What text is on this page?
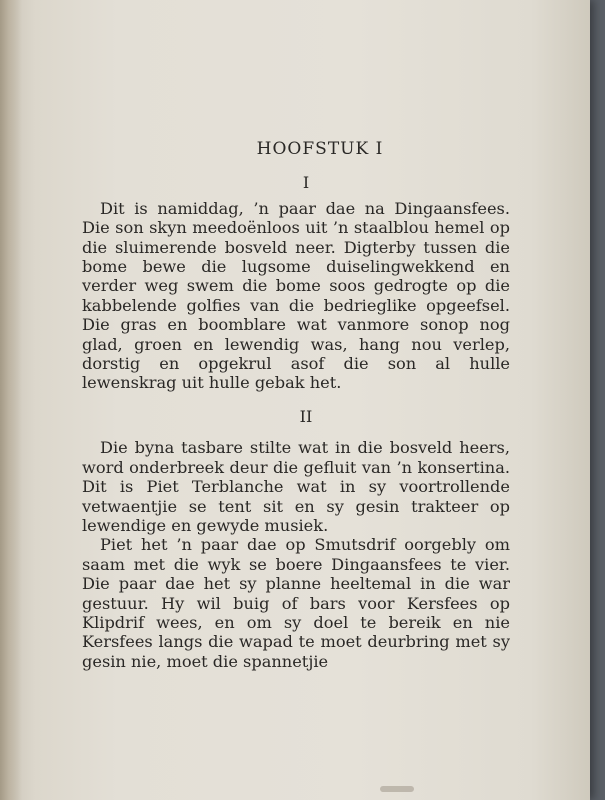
HOOFSTUK I
I

Dit is namiddag, ’n paar dae na Dingaansfees. Die son skyn meedoënloos uit ’n staalblou hemel op die sluimerende bosveld neer. Digterby tussen die bome bewe die lugsome duiselingwekkend en verder weg swem die bome soos gedrogte op die kabbelende golfies van die bedrieglike opgeefsel. Die gras en boomblare wat vanmore sonop nog glad, groen en lewendig was, hang nou verlep, dorstig en opgekrul asof die son al hulle lewenskrag uit hulle gebak het.

II

Die byna tasbare stilte wat in die bosveld heers, word onderbreek deur die gefluit van ’n konsertina. Dit is Piet Terblanche wat in sy voortrollende vetwaentjie se tent sit en sy gesin trakteer op lewendige en gewyde musiek.

Piet het ’n paar dae op Smutsdrif oorgebly om saam met die wyk se boere Dingaansfees te vier. Die paar dae het sy planne heeltemal in die war gestuur. Hy wil buig of bars voor Kersfees op Klipdrif wees, en om sy doel te bereik en nie Kersfees langs die wapad te moet deurbring met sy gesin nie, moet die spannetjie
